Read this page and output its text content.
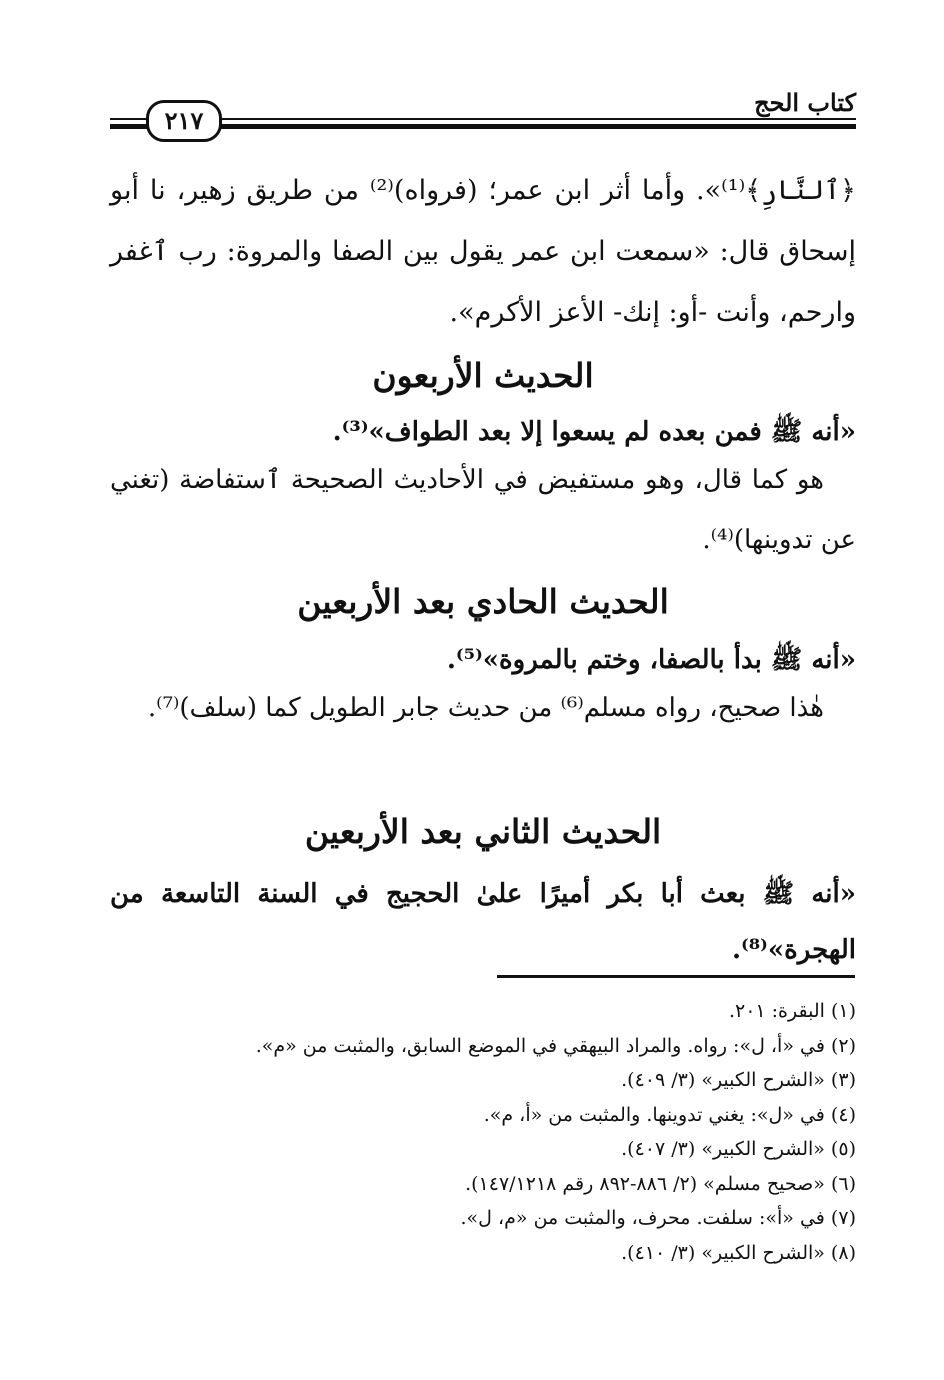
كتاب الحج
٢١٧
﴿ٱلنَّارِ﴾⁽¹⁾». وأما أثر ابن عمر؛ (فرواه)⁽²⁾ من طريق زهير، نا أبو إسحاق قال: «سمعت ابن عمر يقول بين الصفا والمروة: رب ٱغفر وارحم، وأنت -أو: إنك- الأعز الأكرم».
الحديث الأربعون
«أنه ﷺ فمن بعده لم يسعوا إلا بعد الطواف»⁽³⁾.
هو كما قال، وهو مستفيض في الأحاديث الصحيحة ٱستفاضة (تغني عن تدوينها)⁽⁴⁾.
الحديث الحادي بعد الأربعين
«أنه ﷺ بدأ بالصفا، وختم بالمروة»⁽⁵⁾.
هٰذا صحيح، رواه مسلم⁽⁶⁾ من حديث جابر الطويل كما (سلف)⁽⁷⁾.
الحديث الثاني بعد الأربعين
«أنه ﷺ بعث أبا بكر أميرًا علىٰ الحجيج في السنة التاسعة من الهجرة»⁽⁸⁾.
(١) البقرة: ٢٠١.
(٢) في «أ، ل»: رواه. والمراد البيهقي في الموضع السابق، والمثبت من «م».
(٣) «الشرح الكبير» (٣/ ٤٠٩).
(٤) في «ل»: يغني تدوينها. والمثبت من «أ، م».
(٥) «الشرح الكبير» (٣/ ٤٠٧).
(٦) «صحيح مسلم» (٢/ ٨٨٦-٨٩٢ رقم ١٤٧/١٢١٨).
(٧) في «أ»: سلفت. محرف، والمثبت من «م، ل».
(٨) «الشرح الكبير» (٣/ ٤١٠).
